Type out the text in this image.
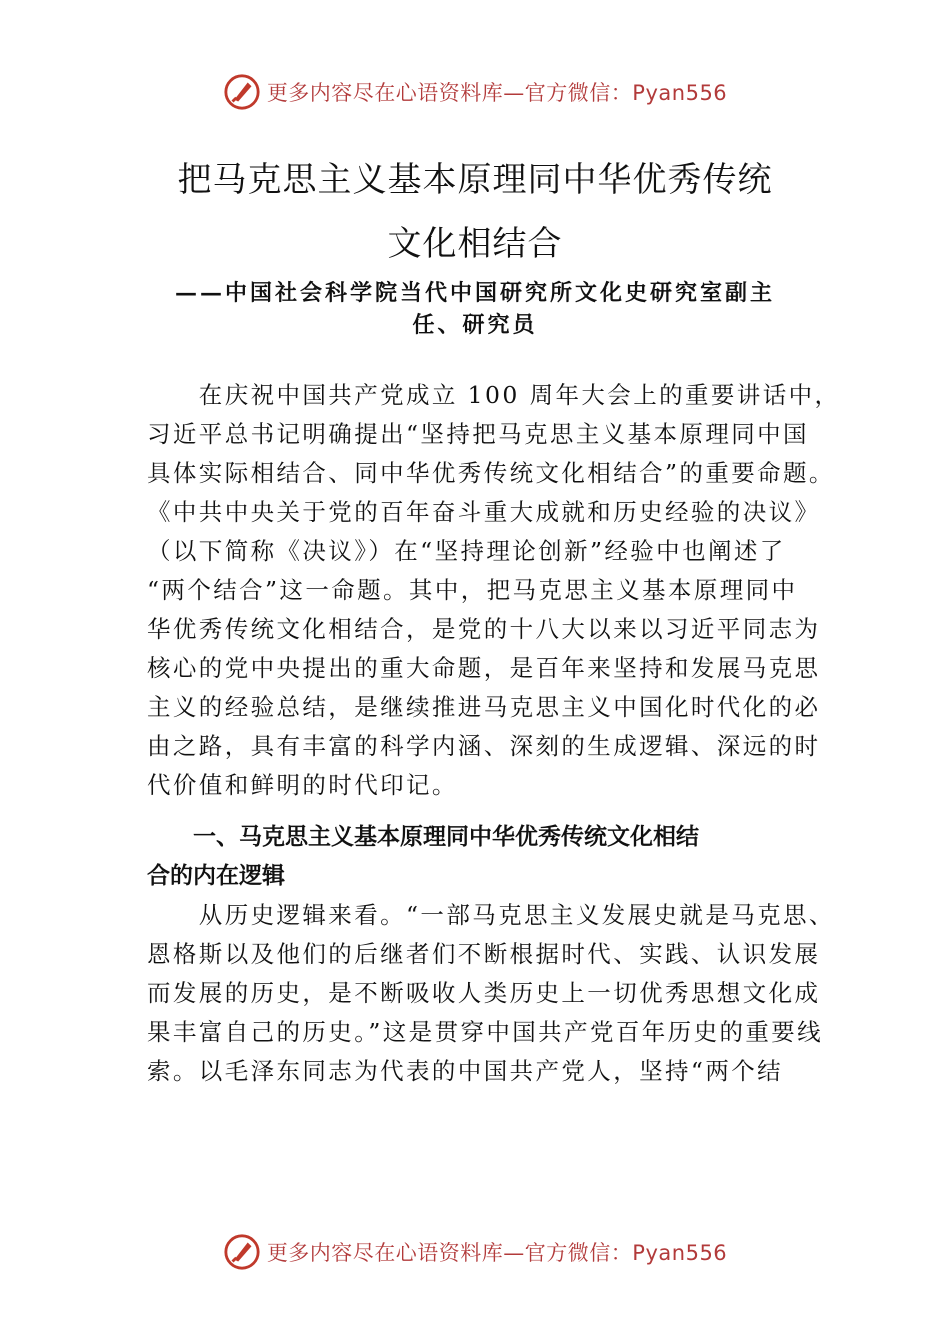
更多内容尽在心语资料库—官方微信：Pyan556
把马克思主义基本原理同中华优秀传统
文化相结合

——中国社会科学院当代中国研究所文化史研究室副主

任、研究员

　　在庆祝中国共产党成立 100 周年大会上的重要讲话中，
习近平总书记明确提出“坚持把马克思主义基本原理同中国
具体实际相结合、同中华优秀传统文化相结合”的重要命题。
《中共中央关于党的百年奋斗重大成就和历史经验的决议》
（以下简称《决议》）在“坚持理论创新”经验中也阐述了
“两个结合”这一命题。其中，把马克思主义基本原理同中
华优秀传统文化相结合，是党的十八大以来以习近平同志为
核心的党中央提出的重大命题，是百年来坚持和发展马克思
主义的经验总结，是继续推进马克思主义中国化时代化的必
由之路，具有丰富的科学内涵、深刻的生成逻辑、深远的时
代价值和鲜明的时代印记。
　　一、马克思主义基本原理同中华优秀传统文化相结
合的内在逻辑
　　从历史逻辑来看。“一部马克思主义发展史就是马克思、
恩格斯以及他们的后继者们不断根据时代、实践、认识发展
而发展的历史，是不断吸收人类历史上一切优秀思想文化成
果丰富自己的历史。”这是贯穿中国共产党百年历史的重要线
索。以毛泽东同志为代表的中国共产党人，坚持“两个结
更多内容尽在心语资料库—官方微信：Pyan556
